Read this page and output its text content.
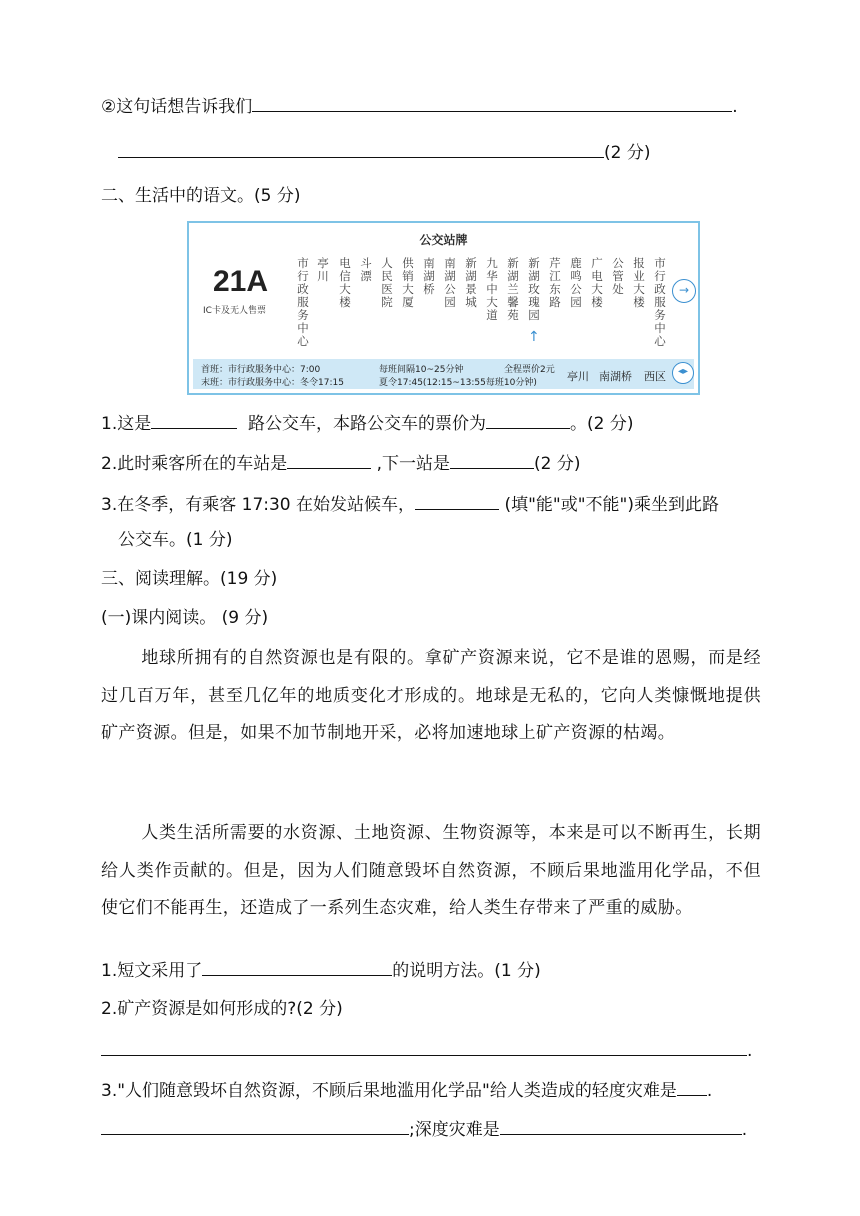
②这句话想告诉我们	.
(2 分)
二、生活中的语文。(5 分)
公交站牌
21A
IC卡及无人售票
市行政服务中心
亭川
电信大楼
斗漂
人民医院
供销大厦
南湖桥
南湖公园
新湖景城
九华中大道
新湖兰馨苑
新湖玫瑰园
芹江东路
鹿鸣公园
广电大楼
公管处
报业大楼
市行政服务中心
↑
→
首班：市行政服务中心：7:00
末班：市行政服务中心：冬令17:15
每班间隔10~25分钟
夏令17:45(12:15~13:55每班10分钟)
全程票价2元 亭川 南湖桥 西区	◂▸
1.这是	路公交车，本路公交车的票价为	。(2 分)
2.此时乘客所在的车站是	,下一站是	(2 分)
3.在冬季，有乘客 17:30 在始发站候车，	(填"能"或"不能")乘坐到此路
公交车。(1 分)
三、阅读理解。(19 分)
(一)课内阅读。 (9 分)
地球所拥有的自然资源也是有限的。拿矿产资源来说，它不是谁的恩赐，而是经过几百万年，甚至几亿年的地质变化才形成的。地球是无私的，它向人类慷慨地提供矿产资源。但是，如果不加节制地开采，必将加速地球上矿产资源的枯竭。
人类生活所需要的水资源、土地资源、生物资源等，本来是可以不断再生，长期给人类作贡献的。但是，因为人们随意毁坏自然资源，不顾后果地滥用化学品，不但使它们不能再生，还造成了一系列生态灾难，给人类生存带来了严重的威胁。
1.短文采用了	的说明方法。(1 分)
2.矿产资源是如何形成的?(2 分)
.
3."人们随意毁坏自然资源，不顾后果地滥用化学品"给人类造成的轻度灾难是 .
;深度灾难是	.
